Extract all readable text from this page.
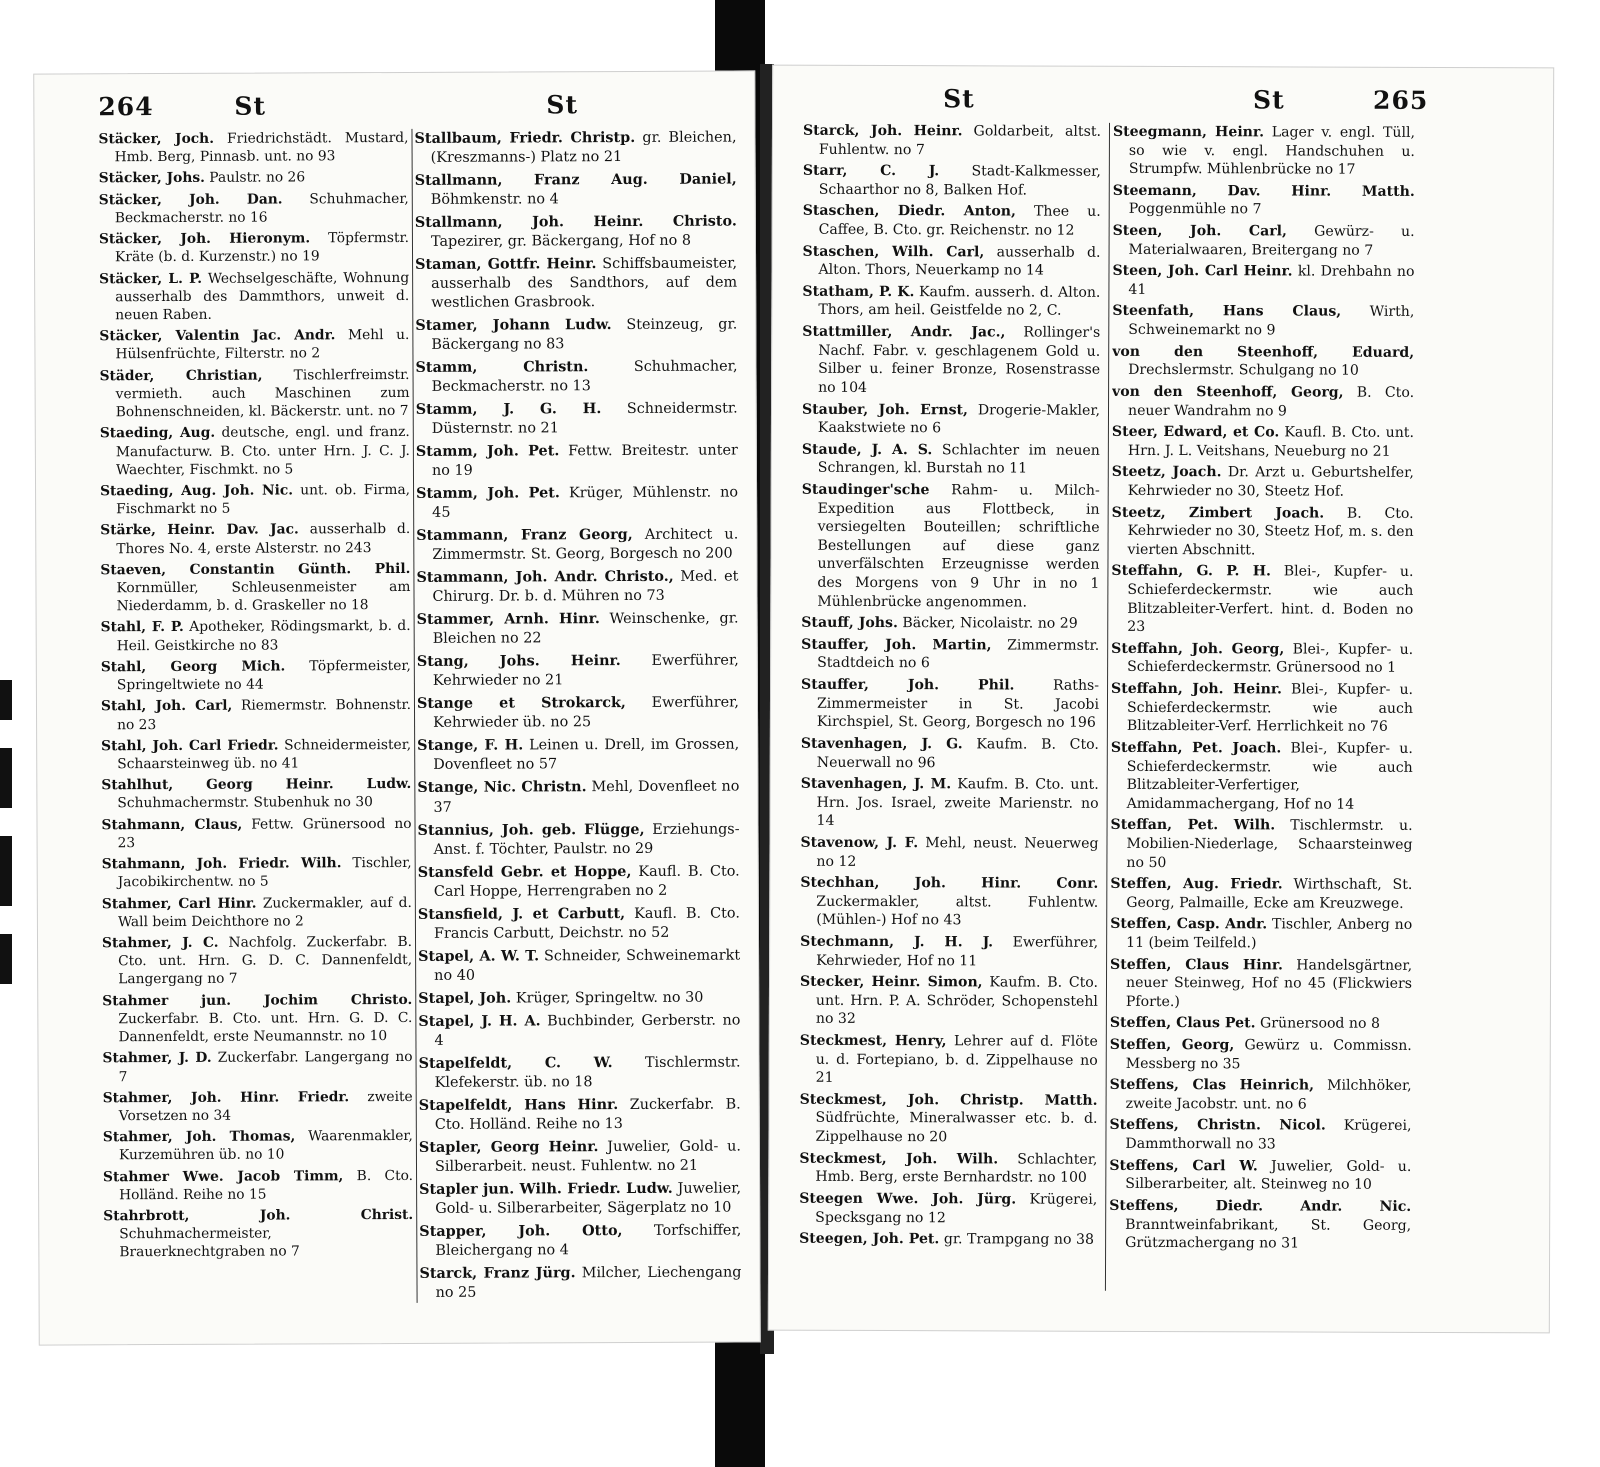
264	St	St
Stäcker, Joch. Friedrichstädt. Mustard, Hmb. Berg, Pinnasb. unt. no 93
Stäcker, Johs. Paulstr. no 26
Stäcker, Joh. Dan. Schuhmacher, Beckmacherstr. no 16
Stäcker, Joh. Hieronym. Töpfermstr. Kräte (b. d. Kurzenstr.) no 19
Stäcker, L. P. Wechselgeschäfte, Wohnung ausserhalb des Dammthors, unweit d. neuen Raben.
Stäcker, Valentin Jac. Andr. Mehl u. Hülsenfrüchte, Filterstr. no 2
Städer, Christian, Tischlerfreimstr. vermieth. auch Maschinen zum Bohnenschneiden, kl. Bäckerstr. unt. no 7
Staeding, Aug. deutsche, engl. und franz. Manufacturw. B. Cto. unter Hrn. J. C. J. Waechter, Fischmkt. no 5
Staeding, Aug. Joh. Nic. unt. ob. Firma, Fischmarkt no 5
Stärke, Heinr. Dav. Jac. ausserhalb d. Thores No. 4, erste Alsterstr. no 243
Staeven, Constantin Günth. Phil. Kornmüller, Schleusenmeister am Niederdamm, b. d. Graskeller no 18
Stahl, F. P. Apotheker, Rödingsmarkt, b. d. Heil. Geistkirche no 83
Stahl, Georg Mich. Töpfermeister, Springeltwiete no 44
Stahl, Joh. Carl, Riemermstr. Bohnenstr. no 23
Stahl, Joh. Carl Friedr. Schneidermeister, Schaarsteinweg üb. no 41
Stahlhut, Georg Heinr. Ludw. Schuhmachermstr. Stubenhuk no 30
Stahmann, Claus, Fettw. Grünersood no 23
Stahmann, Joh. Friedr. Wilh. Tischler, Jacobikirchentw. no 5
Stahmer, Carl Hinr. Zuckermakler, auf d. Wall beim Deichthore no 2
Stahmer, J. C. Nachfolg. Zuckerfabr. B. Cto. unt. Hrn. G. D. C. Dannenfeldt, Langergang no 7
Stahmer jun. Jochim Christo. Zuckerfabr. B. Cto. unt. Hrn. G. D. C. Dannenfeldt, erste Neumannstr. no 10
Stahmer, J. D. Zuckerfabr. Langergang no 7
Stahmer, Joh. Hinr. Friedr. zweite Vorsetzen no 34
Stahmer, Joh. Thomas, Waarenmakler, Kurzemühren üb. no 10
Stahmer Wwe. Jacob Timm, B. Cto. Holländ. Reihe no 15
Stahrbrott, Joh. Christ. Schuhmachermeister, Brauerknechtgraben no 7
Stallbaum, Friedr. Christp. gr. Bleichen, (Kreszmanns-) Platz no 21
Stallmann, Franz Aug. Daniel, Böhmkenstr. no 4
Stallmann, Joh. Heinr. Christo. Tapezirer, gr. Bäckergang, Hof no 8
Staman, Gottfr. Heinr. Schiffsbaumeister, ausserhalb des Sandthors, auf dem westlichen Grasbrook.
Stamer, Johann Ludw. Steinzeug, gr. Bäckergang no 83
Stamm, Christn.	Schuhmacher, Beckmacherstr. no 13
Stamm, J. G. H. Schneidermstr. Düsternstr. no 21
Stamm, Joh. Pet. Fettw. Breitestr. unter no 19
Stamm, Joh. Pet. Krüger, Mühlenstr. no 45
Stammann, Franz Georg, Architect u. Zimmermstr. St. Georg, Borgesch no 200
Stammann, Joh. Andr. Christo., Med. et Chirurg. Dr. b. d. Mühren no 73
Stammer, Arnh. Hinr. Weinschenke, gr. Bleichen no 22
Stang, Johs. Heinr. Ewerführer, Kehrwieder no 21
Stange et Strokarck, Ewerführer, Kehrwieder üb. no 25
Stange, F. H. Leinen u. Drell, im Grossen, Dovenfleet no 57
Stange, Nic. Christn. Mehl, Dovenfleet no 37
Stannius, Joh. geb. Flügge, Erziehungs-Anst. f. Töchter, Paulstr. no 29
Stansfeld Gebr. et Hoppe, Kaufl. B. Cto. Carl Hoppe, Herrengraben no 2
Stansfield, J. et Carbutt, Kaufl. B. Cto. Francis Carbutt, Deichstr. no 52
Stapel, A. W. T. Schneider, Schweinemarkt no 40
Stapel, Joh. Krüger, Springeltw. no 30
Stapel, J. H. A. Buchbinder, Gerberstr. no 4
Stapelfeldt, C. W. Tischlermstr. Klefekerstr. üb. no 18
Stapelfeldt, Hans Hinr. Zuckerfabr. B. Cto. Holländ. Reihe no 13
Stapler, Georg Heinr. Juwelier, Gold- u. Silberarbeit. neust. Fuhlentw. no 21
Stapler jun. Wilh. Friedr. Ludw. Juwelier, Gold- u. Silberarbeiter, Sägerplatz no 10
Stapper, Joh. Otto, Torfschiffer, Bleichergang no 4
Starck, Franz Jürg. Milcher, Liechengang no 25
St	St	265
Starck, Joh. Heinr. Goldarbeit, altst. Fuhlentw. no 7
Starr, C. J. Stadt-Kalkmesser, Schaarthor no 8, Balken Hof.
Staschen, Diedr. Anton, Thee u. Caffee, B. Cto. gr. Reichenstr. no 12
Staschen, Wilh. Carl, ausserhalb d. Alton. Thors, Neuerkamp no 14
Statham, P. K. Kaufm. ausserh. d. Alton. Thors, am heil. Geistfelde no 2, C.
Stattmiller, Andr. Jac., Rollinger's Nachf. Fabr. v. geschlagenem Gold u. Silber u. feiner Bronze, Rosenstrasse no 104
Stauber, Joh. Ernst, Drogerie-Makler, Kaakstwiete no 6
Staude, J. A. S. Schlachter im neuen Schrangen, kl. Burstah no 11
Staudinger'sche Rahm- u. Milch-Expedition aus Flottbeck, in versiegelten Bouteillen; schriftliche Bestellungen auf diese ganz unverfälschten Erzeugnisse werden des Morgens von 9 Uhr in no 1 Mühlenbrücke angenommen.
Stauff, Johs. Bäcker, Nicolaistr. no 29
Stauffer, Joh. Martin, Zimmermstr. Stadtdeich no 6
Stauffer, Joh. Phil.	Raths-Zimmermeister in St. Jacobi Kirchspiel, St. Georg, Borgesch no 196
Stavenhagen, J. G. Kaufm. B. Cto. Neuerwall no 96
Stavenhagen, J. M. Kaufm. B. Cto. unt. Hrn. Jos. Israel, zweite Marienstr. no 14
Stavenow, J. F. Mehl, neust. Neuerweg no 12
Stechhan, Joh. Hinr. Conr. Zuckermakler, altst. Fuhlentw. (Mühlen-) Hof no 43
Stechmann, J. H. J. Ewerführer, Kehrwieder, Hof no 11
Stecker, Heinr. Simon, Kaufm. B. Cto. unt. Hrn. P. A. Schröder, Schopenstehl no 32
Steckmest, Henry, Lehrer auf d. Flöte u. d. Fortepiano, b. d. Zippelhause no 21
Steckmest, Joh. Christp. Matth. Südfrüchte, Mineralwasser etc. b. d. Zippelhause no 20
Steckmest, Joh. Wilh. Schlachter, Hmb. Berg, erste Bernhardstr. no 100
Steegen Wwe. Joh. Jürg. Krügerei, Specksgang no 12
Steegen, Joh. Pet. gr. Trampgang no 38
Steegmann, Heinr. Lager v. engl. Tüll, so wie v. engl. Handschuhen u. Strumpfw. Mühlenbrücke no 17
Steemann, Dav. Hinr. Matth. Poggenmühle no 7
Steen, Joh. Carl, Gewürz- u. Materialwaaren, Breitergang no 7
Steen, Joh. Carl Heinr. kl. Drehbahn no 41
Steenfath, Hans Claus, Wirth, Schweinemarkt no 9
von den Steenhoff, Eduard, Drechslermstr. Schulgang no 10
von den Steenhoff, Georg, B. Cto. neuer Wandrahm no 9
Steer, Edward, et Co. Kaufl. B. Cto. unt. Hrn. J. L. Veitshans, Neueburg no 21
Steetz, Joach. Dr. Arzt u. Geburtshelfer, Kehrwieder no 30, Steetz Hof.
Steetz, Zimbert Joach. B. Cto. Kehrwieder no 30, Steetz Hof, m. s. den vierten Abschnitt.
Steffahn, G. P. H. Blei-, Kupfer- u. Schieferdeckermstr. wie auch Blitzableiter-Verfert. hint. d. Boden no 23
Steffahn, Joh. Georg, Blei-, Kupfer- u. Schieferdeckermstr. Grünersood no 1
Steffahn, Joh. Heinr. Blei-, Kupfer- u. Schieferdeckermstr. wie auch Blitzableiter-Verf. Herrlichkeit no 76
Steffahn, Pet. Joach. Blei-, Kupfer- u. Schieferdeckermstr. wie auch Blitzableiter-Verfertiger, Amidammachergang, Hof no 14
Steffan, Pet. Wilh. Tischlermstr. u. Mobilien-Niederlage, Schaarsteinweg no 50
Steffen, Aug. Friedr. Wirthschaft, St. Georg, Palmaille, Ecke am Kreuzwege.
Steffen, Casp. Andr. Tischler, Anberg no 11 (beim Teilfeld.)
Steffen, Claus Hinr. Handelsgärtner, neuer Steinweg, Hof no 45 (Flickwiers Pforte.)
Steffen, Claus Pet. Grünersood no 8
Steffen, Georg, Gewürz u. Commissn. Messberg no 35
Steffens, Clas Heinrich, Milchhöker, zweite Jacobstr. unt. no 6
Steffens, Christn. Nicol. Krügerei, Dammthorwall no 33
Steffens, Carl W. Juwelier, Gold- u. Silberarbeiter, alt. Steinweg no 10
Steffens, Diedr. Andr. Nic. Branntweinfabrikant, St. Georg, Grützmachergang no 31
